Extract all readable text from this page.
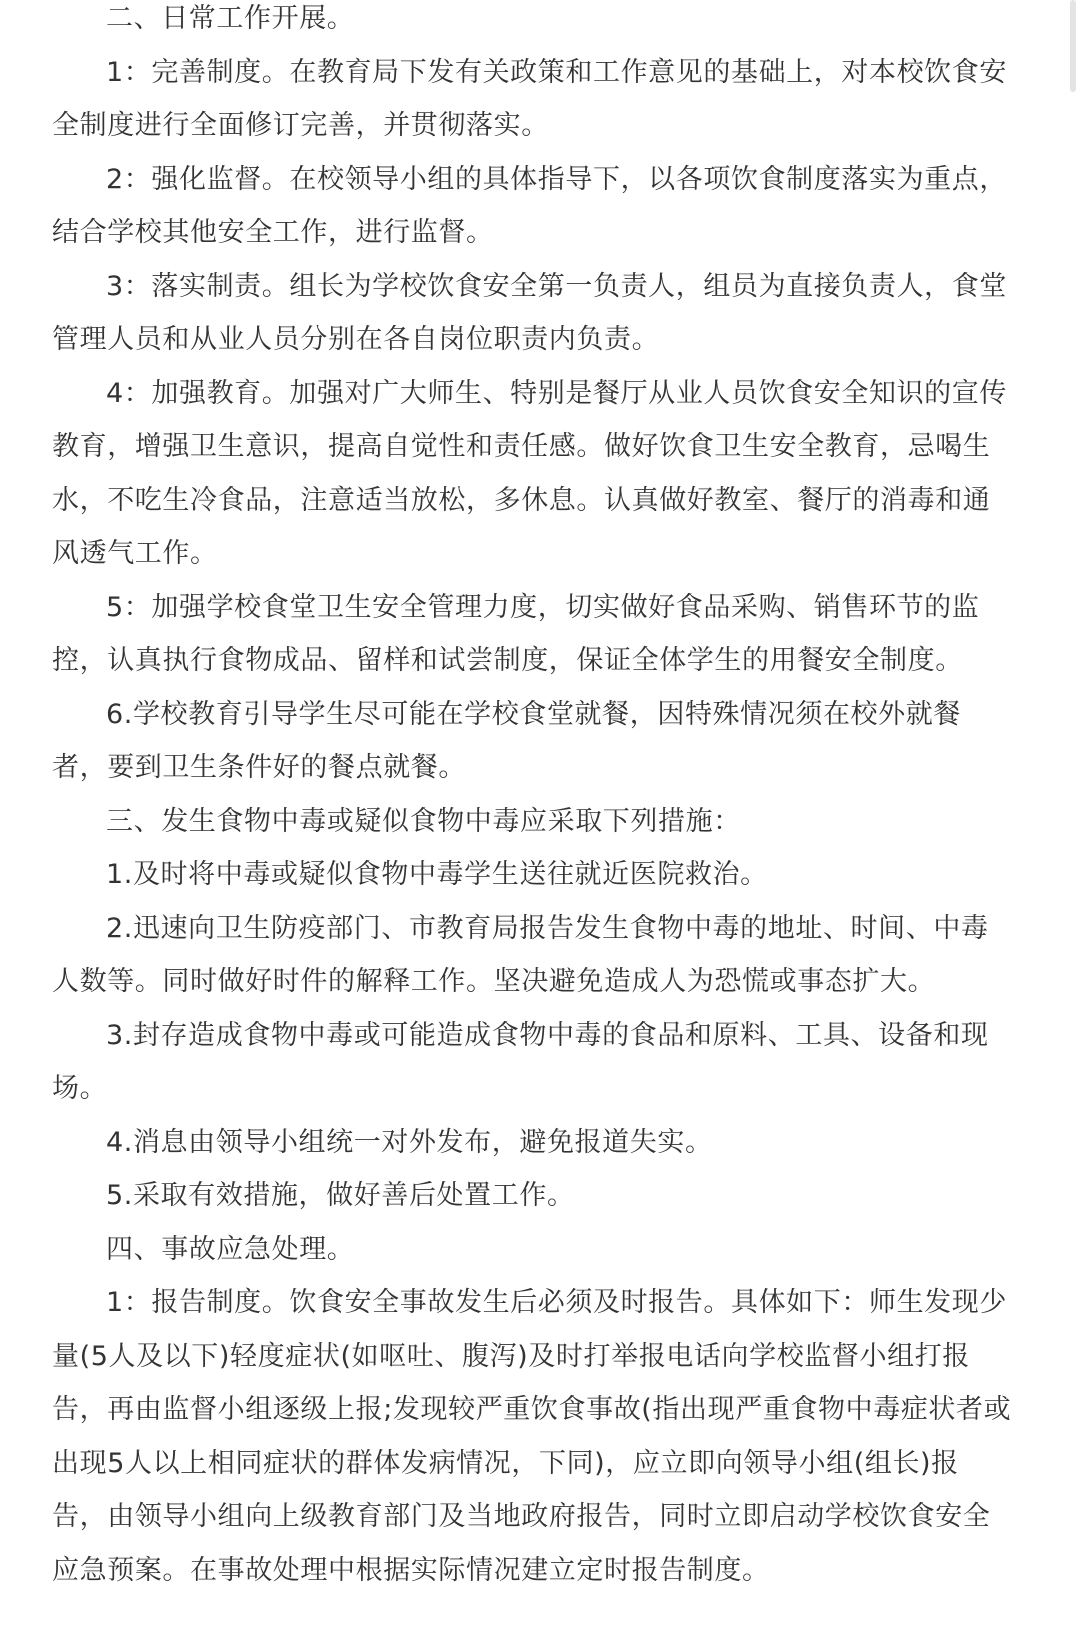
二、日常工作开展。

1：完善制度。在教育局下发有关政策和工作意见的基础上，对本校饮食安全制度进行全面修订完善，并贯彻落实。

2：强化监督。在校领导小组的具体指导下，以各项饮食制度落实为重点，结合学校其他安全工作，进行监督。

3：落实制责。组长为学校饮食安全第一负责人，组员为直接负责人，食堂管理人员和从业人员分别在各自岗位职责内负责。

4：加强教育。加强对广大师生、特别是餐厅从业人员饮食安全知识的宣传教育，增强卫生意识，提高自觉性和责任感。做好饮食卫生安全教育，忌喝生水，不吃生冷食品，注意适当放松，多休息。认真做好教室、餐厅的消毒和通风透气工作。

5：加强学校食堂卫生安全管理力度，切实做好食品采购、销售环节的监控，认真执行食物成品、留样和试尝制度，保证全体学生的用餐安全制度。

6.学校教育引导学生尽可能在学校食堂就餐，因特殊情况须在校外就餐者，要到卫生条件好的餐点就餐。

三、发生食物中毒或疑似食物中毒应采取下列措施：

1.及时将中毒或疑似食物中毒学生送往就近医院救治。

2.迅速向卫生防疫部门、市教育局报告发生食物中毒的地址、时间、中毒人数等。同时做好时件的解释工作。坚决避免造成人为恐慌或事态扩大。

3.封存造成食物中毒或可能造成食物中毒的食品和原料、工具、设备和现场。

4.消息由领导小组统一对外发布，避免报道失实。

5.采取有效措施，做好善后处置工作。

四、事故应急处理。

1：报告制度。饮食安全事故发生后必须及时报告。具体如下：师生发现少量(5人及以下)轻度症状(如呕吐、腹泻)及时打举报电话向学校监督小组打报告，再由监督小组逐级上报;发现较严重饮食事故(指出现严重食物中毒症状者或出现5人以上相同症状的群体发病情况，下同)，应立即向领导小组(组长)报告，由领导小组向上级教育部门及当地政府报告，同时立即启动学校饮食安全应急预案。在事故处理中根据实际情况建立定时报告制度。
